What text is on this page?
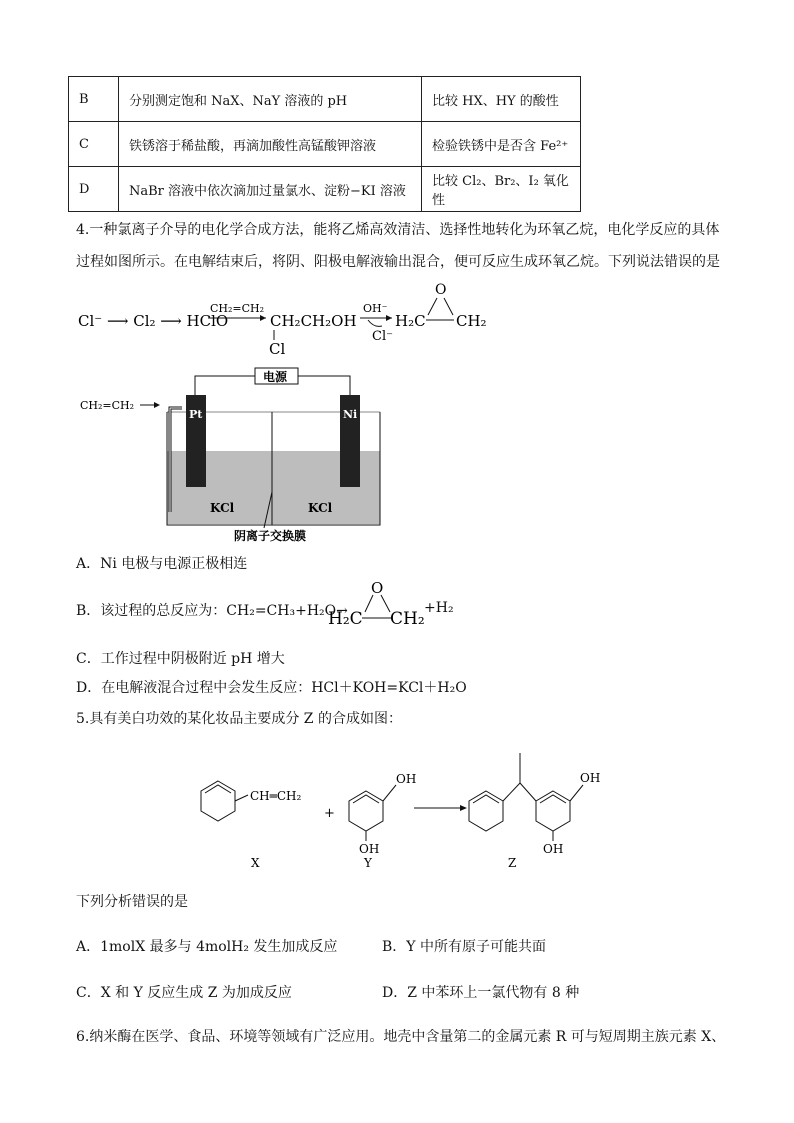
B	分别测定饱和 NaX、NaY 溶液的 pH	比较 HX、HY 的酸性
C	铁锈溶于稀盐酸，再滴加酸性高锰酸钾溶液	检验铁锈中是否含 Fe²⁺
D	NaBr 溶液中依次滴加过量氯水、淀粉−KI 溶液	比较 Cl₂、Br₂、I₂ 氧化性
4.一种氯离子介导的电化学合成方法，能将乙烯高效清洁、选择性地转化为环氧乙烷，电化学反应的具体
过程如图所示。在电解结束后，将阴、阳极电解液输出混合，便可反应生成环氧乙烷。下列说法错误的是
Cl⁻ ⟶ Cl₂ ⟶ HClO
CH₂=CH₂
CH₂CH₂OH
Cl
OH⁻
Cl⁻
H₂C
O
CH₂
电源
Pt	Ni
CH₂=CH₂
KCl	KCl
阴离子交换膜
A．Ni 电极与电源正极相连
B．该过程的总反应为：CH₂=CH₃+H₂O→
H₂C
O
CH₂
+H₂
C．工作过程中阴极附近 pH 增大
D．在电解液混合过程中会发生反应：HCl＋KOH=KCl＋H₂O
5.具有美白功效的某化妆品主要成分 Z 的合成如图：
CH═CH₂
+
OH
OH
OH
OH
X	Y	Z
下列分析错误的是
A．1molX 最多与 4molH₂ 发生加成反应	B．Y 中所有原子可能共面
C．X 和 Y 反应生成 Z 为加成反应	D．Z 中苯环上一氯代物有 8 种
6.纳米酶在医学、食品、环境等领域有广泛应用。地壳中含量第二的金属元素 R 可与短周期主族元素 X、
